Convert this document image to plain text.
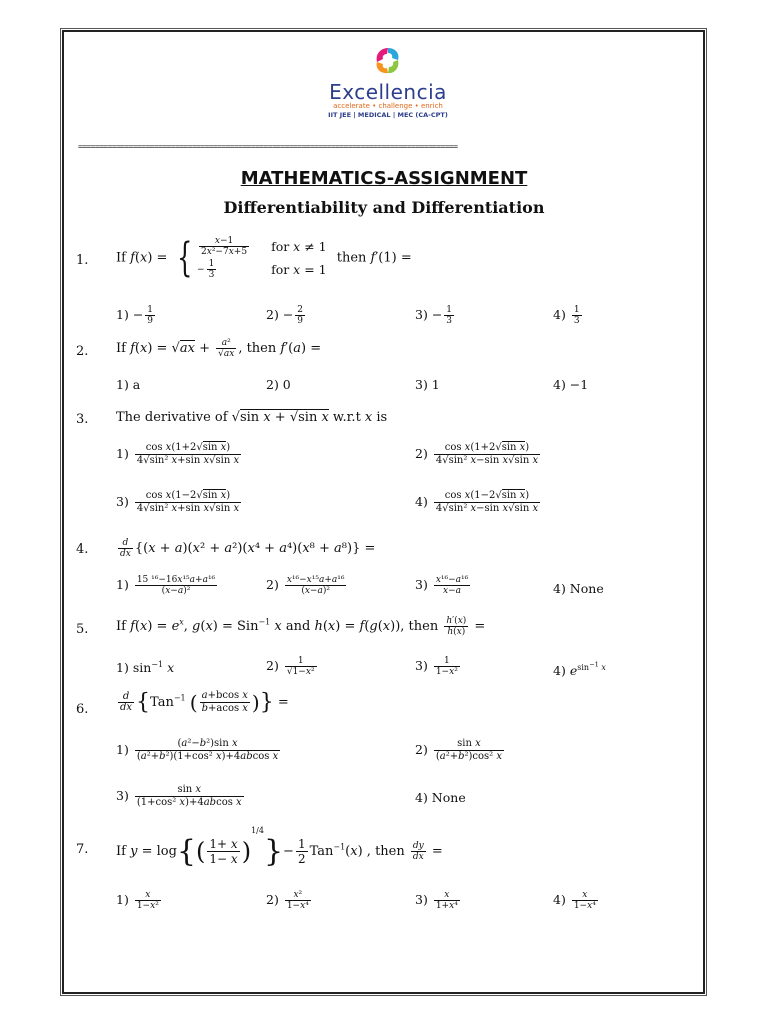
Excellencia
accelerate • challenge • enrich
IIT JEE | MEDICAL | MEC (CA-CPT)
==========================================================================================
MATHEMATICS-ASSIGNMENT
Differentiability and Differentiation
1. If f(x) = { $\frac{x-1}{\text{2x²−7x+5}}$	for x ≠ 1
− $\frac{1}{3}$	for x = 1 then f′(1) =
$1) - \frac{1}{9}$	$2) - \frac{2}{9}$	$3) - \frac{1}{3}$	$4) \frac{1}{3}$
2. If $f(x) = √ax + \frac{\text{a²}}{√ax}$ , then f′(a) =
1) a	2) 0	3) 1	4) −1
3. The derivative of √sin x + √sin x w.r.t x is
$1) \frac{\text{cos x(1+2√sin x)}}{\text{4√sin² x+sin x√sin x}}$	$2) \frac{\text{cos x(1+2√sin x)}}{\text{4√sin² x−sin x√sin x}}$
$3) \frac{\text{cos x(1−2√sin x)}}{\text{4√sin² x+sin x√sin x}}$	$4) \frac{\text{cos x(1−2√sin x)}}{\text{4√sin² x−sin x√sin x}}$
4.	$\frac{d}{dx} \{(x + a)(x^2 + a^2)(x^4 + a^4)(x^8 + a^8)\}$ =
$1) \frac{\text{15 ¹⁶−16x¹⁵a+a¹⁶}}{\text{(x−a)²}}$	$2) \frac{\text{x¹⁶−x¹⁵a+a¹⁶}}{\text{(x−a)²}}$	$3) \frac{\text{x¹⁶−a¹⁶}}{x-a}$	4) None
5. If $f(x) = e^x$, g(x) = Sin$^{-1}$ x and h(x) = f(g(x)), then $\frac{h'(x)}{h(x)}$ =
1) $\sin^{-1} x$	$2) \frac{1}{\text{√1−x²}}$	$3) \frac{1}{\text{1−x²}}$	4) $e^{sin^{-1} x}$
6.	$\frac{d}{dx} \{Tan^{-1}$ ( $\frac{\text{a+bcos x}}{\text{b+acos x}}$ )} =
$1) \frac{\text{(a²−b²)sin x}}{\text{(a²+b²)(1+cos² x)+4abcos x}}$	$2) \frac{\text{sin x}}{\text{(a²+b²)cos² x}}$
$3) \frac{\text{sin x}}{\text{(1+cos² x)+4abcos x}}$	4) None
7. If $y = \log\{( \frac{1+ x}{1- x} )^{1/4}\}- \frac{1}{2} Tan^{-1}(x)$ , then $\frac{dy}{dx}$ =
$1) \frac{x}{\text{1−x²}}$	$2) \frac{\text{x²}}{\text{1−x⁴}}$	$3) \frac{x}{\text{1+x⁴}}$	$4) \frac{x}{\text{1−x⁴}}$
